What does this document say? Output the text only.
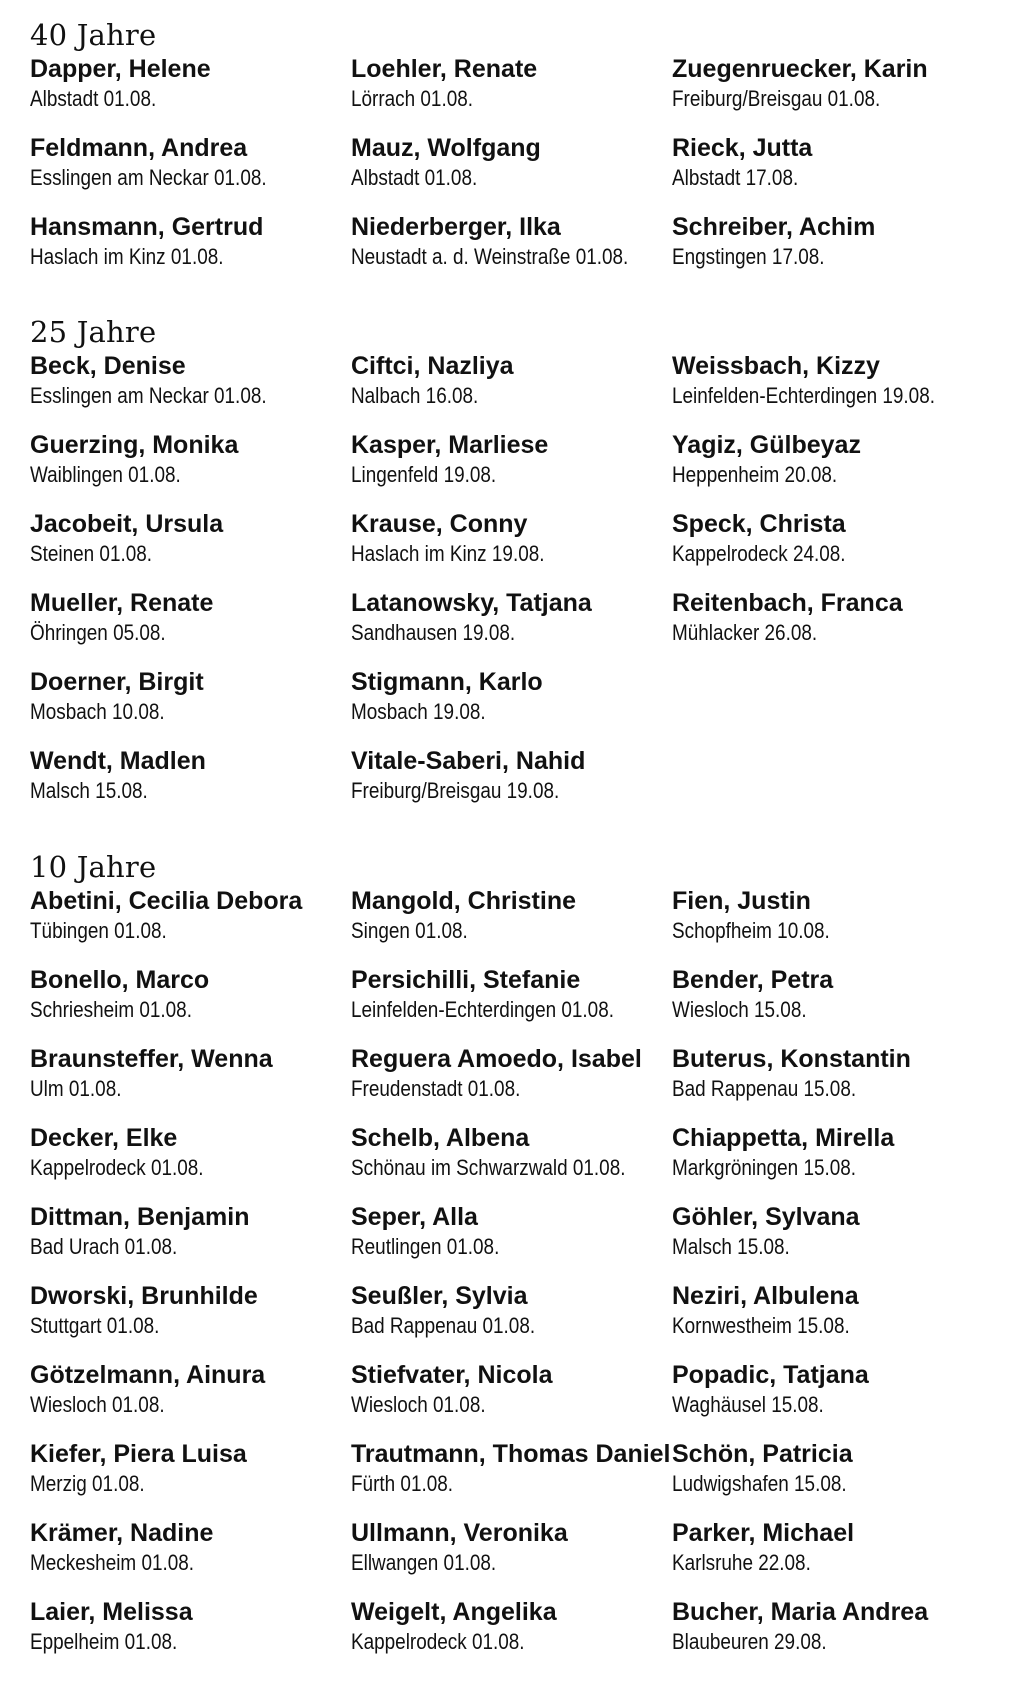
40 Jahre
Dapper, Helene
Albstadt 01.08.
Feldmann, Andrea
Esslingen am Neckar 01.08.
Hansmann, Gertrud
Haslach im Kinz 01.08.
Loehler, Renate
Lörrach 01.08.
Mauz, Wolfgang
Albstadt 01.08.
Niederberger, Ilka
Neustadt a. d. Weinstraße 01.08.
Zuegenruecker, Karin
Freiburg/Breisgau 01.08.
Rieck, Jutta
Albstadt 17.08.
Schreiber, Achim
Engstingen 17.08.
25 Jahre
Beck, Denise
Esslingen am Neckar 01.08.
Guerzing, Monika
Waiblingen 01.08.
Jacobeit, Ursula
Steinen 01.08.
Mueller, Renate
Öhringen 05.08.
Doerner, Birgit
Mosbach 10.08.
Wendt, Madlen
Malsch 15.08.
Ciftci, Nazliya
Nalbach 16.08.
Kasper, Marliese
Lingenfeld 19.08.
Krause, Conny
Haslach im Kinz 19.08.
Latanowsky, Tatjana
Sandhausen 19.08.
Stigmann, Karlo
Mosbach 19.08.
Vitale-Saberi, Nahid
Freiburg/Breisgau 19.08.
Weissbach, Kizzy
Leinfelden-Echterdingen 19.08.
Yagiz, Gülbeyaz
Heppenheim 20.08.
Speck, Christa
Kappelrodeck 24.08.
Reitenbach, Franca
Mühlacker 26.08.
10 Jahre
Abetini, Cecilia Debora
Tübingen 01.08.
Bonello, Marco
Schriesheim 01.08.
Braunsteffer, Wenna
Ulm 01.08.
Decker, Elke
Kappelrodeck 01.08.
Dittman, Benjamin
Bad Urach 01.08.
Dworski, Brunhilde
Stuttgart 01.08.
Götzelmann, Ainura
Wiesloch 01.08.
Kiefer, Piera Luisa
Merzig 01.08.
Krämer, Nadine
Meckesheim 01.08.
Laier, Melissa
Eppelheim 01.08.
Mangold, Christine
Singen 01.08.
Persichilli, Stefanie
Leinfelden-Echterdingen 01.08.
Reguera Amoedo, Isabel
Freudenstadt 01.08.
Schelb, Albena
Schönau im Schwarzwald 01.08.
Seper, Alla
Reutlingen 01.08.
Seußler, Sylvia
Bad Rappenau 01.08.
Stiefvater, Nicola
Wiesloch 01.08.
Trautmann, Thomas Daniel
Fürth 01.08.
Ullmann, Veronika
Ellwangen 01.08.
Weigelt, Angelika
Kappelrodeck 01.08.
Fien, Justin
Schopfheim 10.08.
Bender, Petra
Wiesloch 15.08.
Buterus, Konstantin
Bad Rappenau 15.08.
Chiappetta, Mirella
Markgröningen 15.08.
Göhler, Sylvana
Malsch 15.08.
Neziri, Albulena
Kornwestheim 15.08.
Popadic, Tatjana
Waghäusel 15.08.
Schön, Patricia
Ludwigshafen 15.08.
Parker, Michael
Karlsruhe 22.08.
Bucher, Maria Andrea
Blaubeuren 29.08.
